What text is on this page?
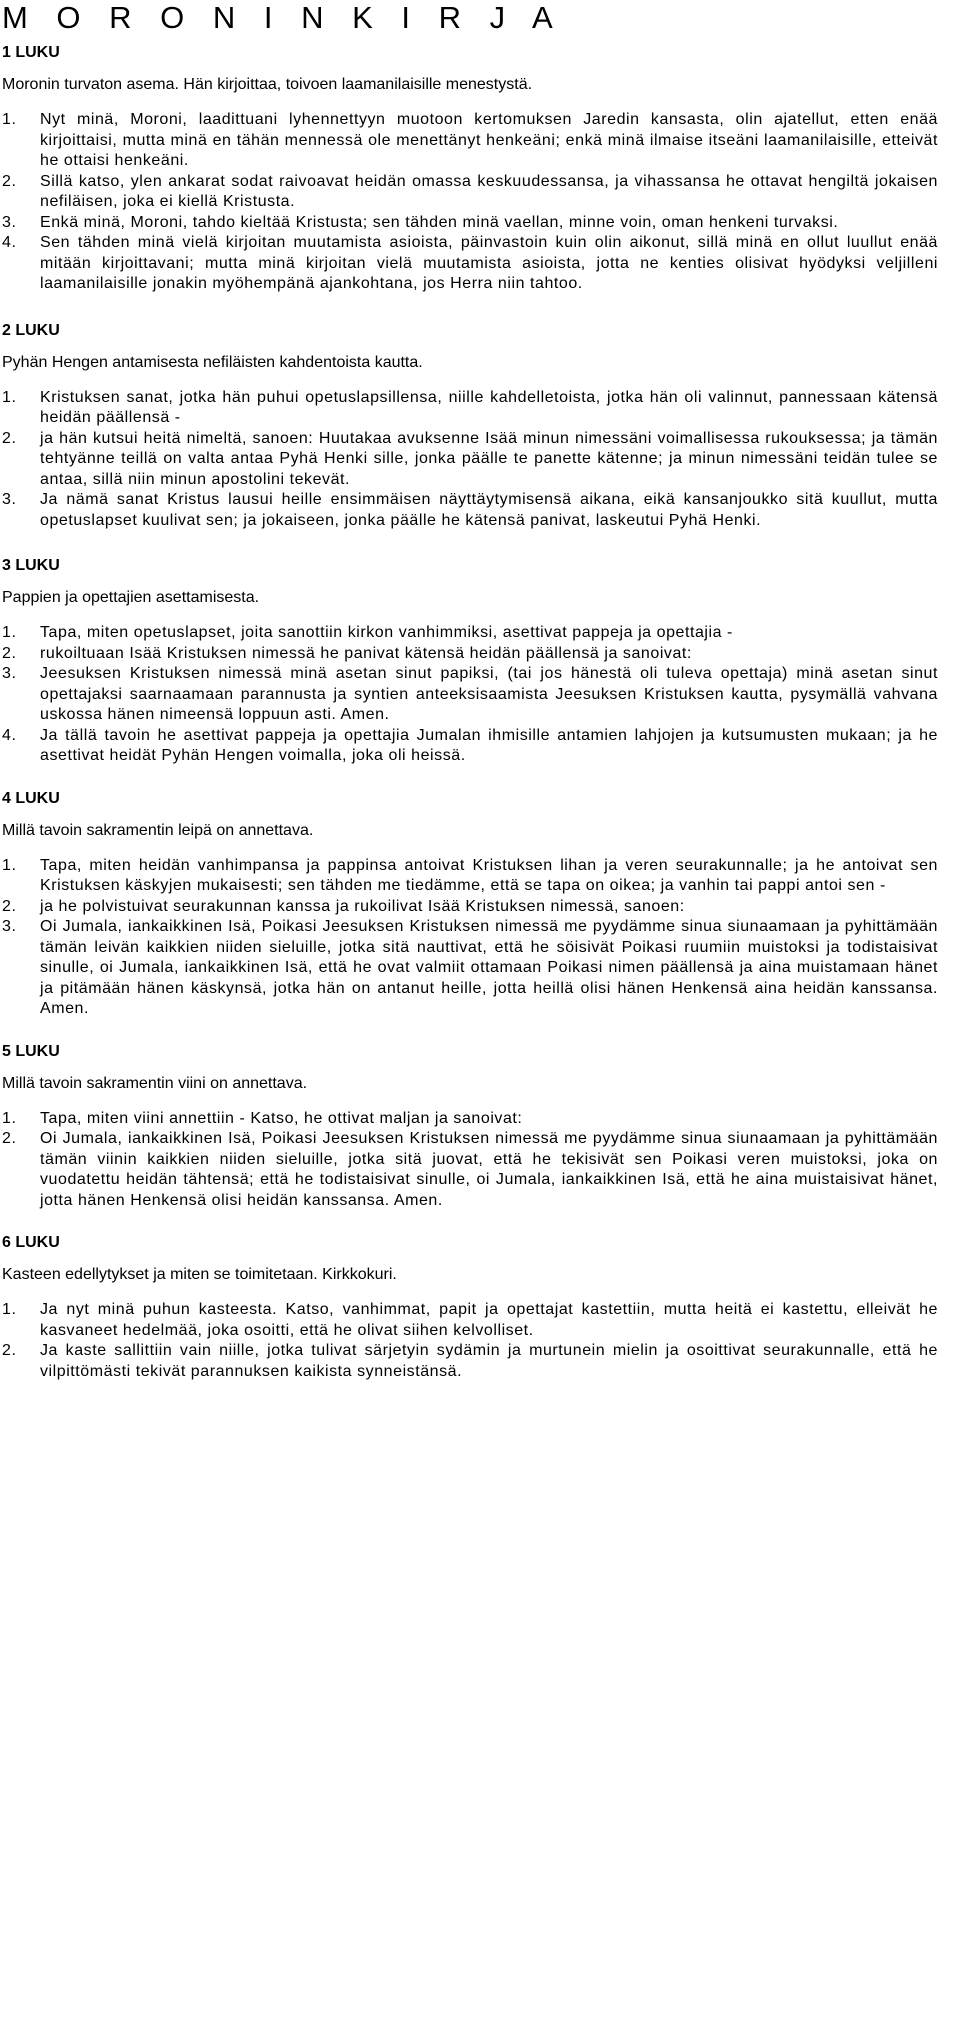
M O R O N I N K I R J A
1 LUKU

Moronin turvaton asema. Hän kirjoittaa, toivoen laamanilaisille menestystä.

1.	Nyt minä, Moroni, laadittuani lyhennettyyn muotoon kertomuksen Jaredin kansasta, olin ajatellut, etten enää kirjoittaisi, mutta minä en tähän mennessä ole menettänyt henkeäni; enkä minä ilmaise itseäni laamanilaisille, etteivät he ottaisi henkeäni.
2.	Sillä katso, ylen ankarat sodat raivoavat heidän omassa keskuudessansa, ja vihassansa he ottavat hengiltä jokaisen nefiläisen, joka ei kiellä Kristusta.
3.	Enkä minä, Moroni, tahdo kieltää Kristusta; sen tähden minä vaellan, minne voin, oman henkeni turvaksi.
4.	Sen tähden minä vielä kirjoitan muutamista asioista, päinvastoin kuin olin aikonut, sillä minä en ollut luullut enää mitään kirjoittavani; mutta minä kirjoitan vielä muutamista asioista, jotta ne kenties olisivat hyödyksi veljilleni laamanilaisille jonakin myöhempänä ajankohtana, jos Herra niin tahtoo.
2 LUKU

Pyhän Hengen antamisesta nefiläisten kahdentoista kautta.

1.	Kristuksen sanat, jotka hän puhui opetuslapsillensa, niille kahdelletoista, jotka hän oli valinnut, pannessaan kätensä heidän päällensä -
2.	ja hän kutsui heitä nimeltä, sanoen: Huutakaa avuksenne Isää minun nimessäni voimallisessa rukouksessa; ja tämän tehtyänne teillä on valta antaa Pyhä Henki sille, jonka päälle te panette kätenne; ja minun nimessäni teidän tulee se antaa, sillä niin minun apostolini tekevät.
3.	Ja nämä sanat Kristus lausui heille ensimmäisen näyttäytymisensä aikana, eikä kansanjoukko sitä kuullut, mutta opetuslapset kuulivat sen; ja jokaiseen, jonka päälle he kätensä panivat, laskeutui Pyhä Henki.
3 LUKU

Pappien ja opettajien asettamisesta.

1.	Tapa, miten opetuslapset, joita sanottiin kirkon vanhimmiksi, asettivat pappeja ja opettajia -
2.	rukoiltuaan Isää Kristuksen nimessä he panivat kätensä heidän päällensä ja sanoivat:
3.	Jeesuksen Kristuksen nimessä minä asetan sinut papiksi, (tai jos hänestä oli tuleva opettaja) minä asetan sinut opettajaksi saarnaamaan parannusta ja syntien anteeksisaamista Jeesuksen Kristuksen kautta, pysymällä vahvana uskossa hänen nimeensä loppuun asti. Amen.
4.	Ja tällä tavoin he asettivat pappeja ja opettajia Jumalan ihmisille antamien lahjojen ja kutsumusten mukaan; ja he asettivat heidät Pyhän Hengen voimalla, joka oli heissä.
4 LUKU

Millä tavoin sakramentin leipä on annettava.

1.	Tapa, miten heidän vanhimpansa ja pappinsa antoivat Kristuksen lihan ja veren seurakunnalle; ja he antoivat sen Kristuksen käskyjen mukaisesti; sen tähden me tiedämme, että se tapa on oikea; ja vanhin tai pappi antoi sen -
2.	ja he polvistuivat seurakunnan kanssa ja rukoilivat Isää Kristuksen nimessä, sanoen:
3.	Oi Jumala, iankaikkinen Isä, Poikasi Jeesuksen Kristuksen nimessä me pyydämme sinua siunaamaan ja pyhittämään tämän leivän kaikkien niiden sieluille, jotka sitä nauttivat, että he söisivät Poikasi ruumiin muistoksi ja todistaisivat sinulle, oi Jumala, iankaikkinen Isä, että he ovat valmiit ottamaan Poikasi nimen päällensä ja aina muistamaan hänet ja pitämään hänen käskynsä, jotka hän on antanut heille, jotta heillä olisi hänen Henkensä aina heidän kanssansa. Amen.
5 LUKU

Millä tavoin sakramentin viini on annettava.

1.	Tapa, miten viini annettiin - Katso, he ottivat maljan ja sanoivat:
2.	Oi Jumala, iankaikkinen Isä, Poikasi Jeesuksen Kristuksen nimessä me pyydämme sinua siunaamaan ja pyhittämään tämän viinin kaikkien niiden sieluille, jotka sitä juovat, että he tekisivät sen Poikasi veren muistoksi, joka on vuodatettu heidän tähtensä; että he todistaisivat sinulle, oi Jumala, iankaikkinen Isä, että he aina muistaisivat hänet, jotta hänen Henkensä olisi heidän kanssansa. Amen.
6 LUKU

Kasteen edellytykset ja miten se toimitetaan. Kirkkokuri.

1.	Ja nyt minä puhun kasteesta. Katso, vanhimmat, papit ja opettajat kastettiin, mutta heitä ei kastettu, elleivät he kasvaneet hedelmää, joka osoitti, että he olivat siihen kelvolliset.
2.	Ja kaste sallittiin vain niille, jotka tulivat särjetyin sydämin ja murtunein mielin ja osoittivat seurakunnalle, että he vilpittömästi tekivät parannuksen kaikista synneistänsä.
